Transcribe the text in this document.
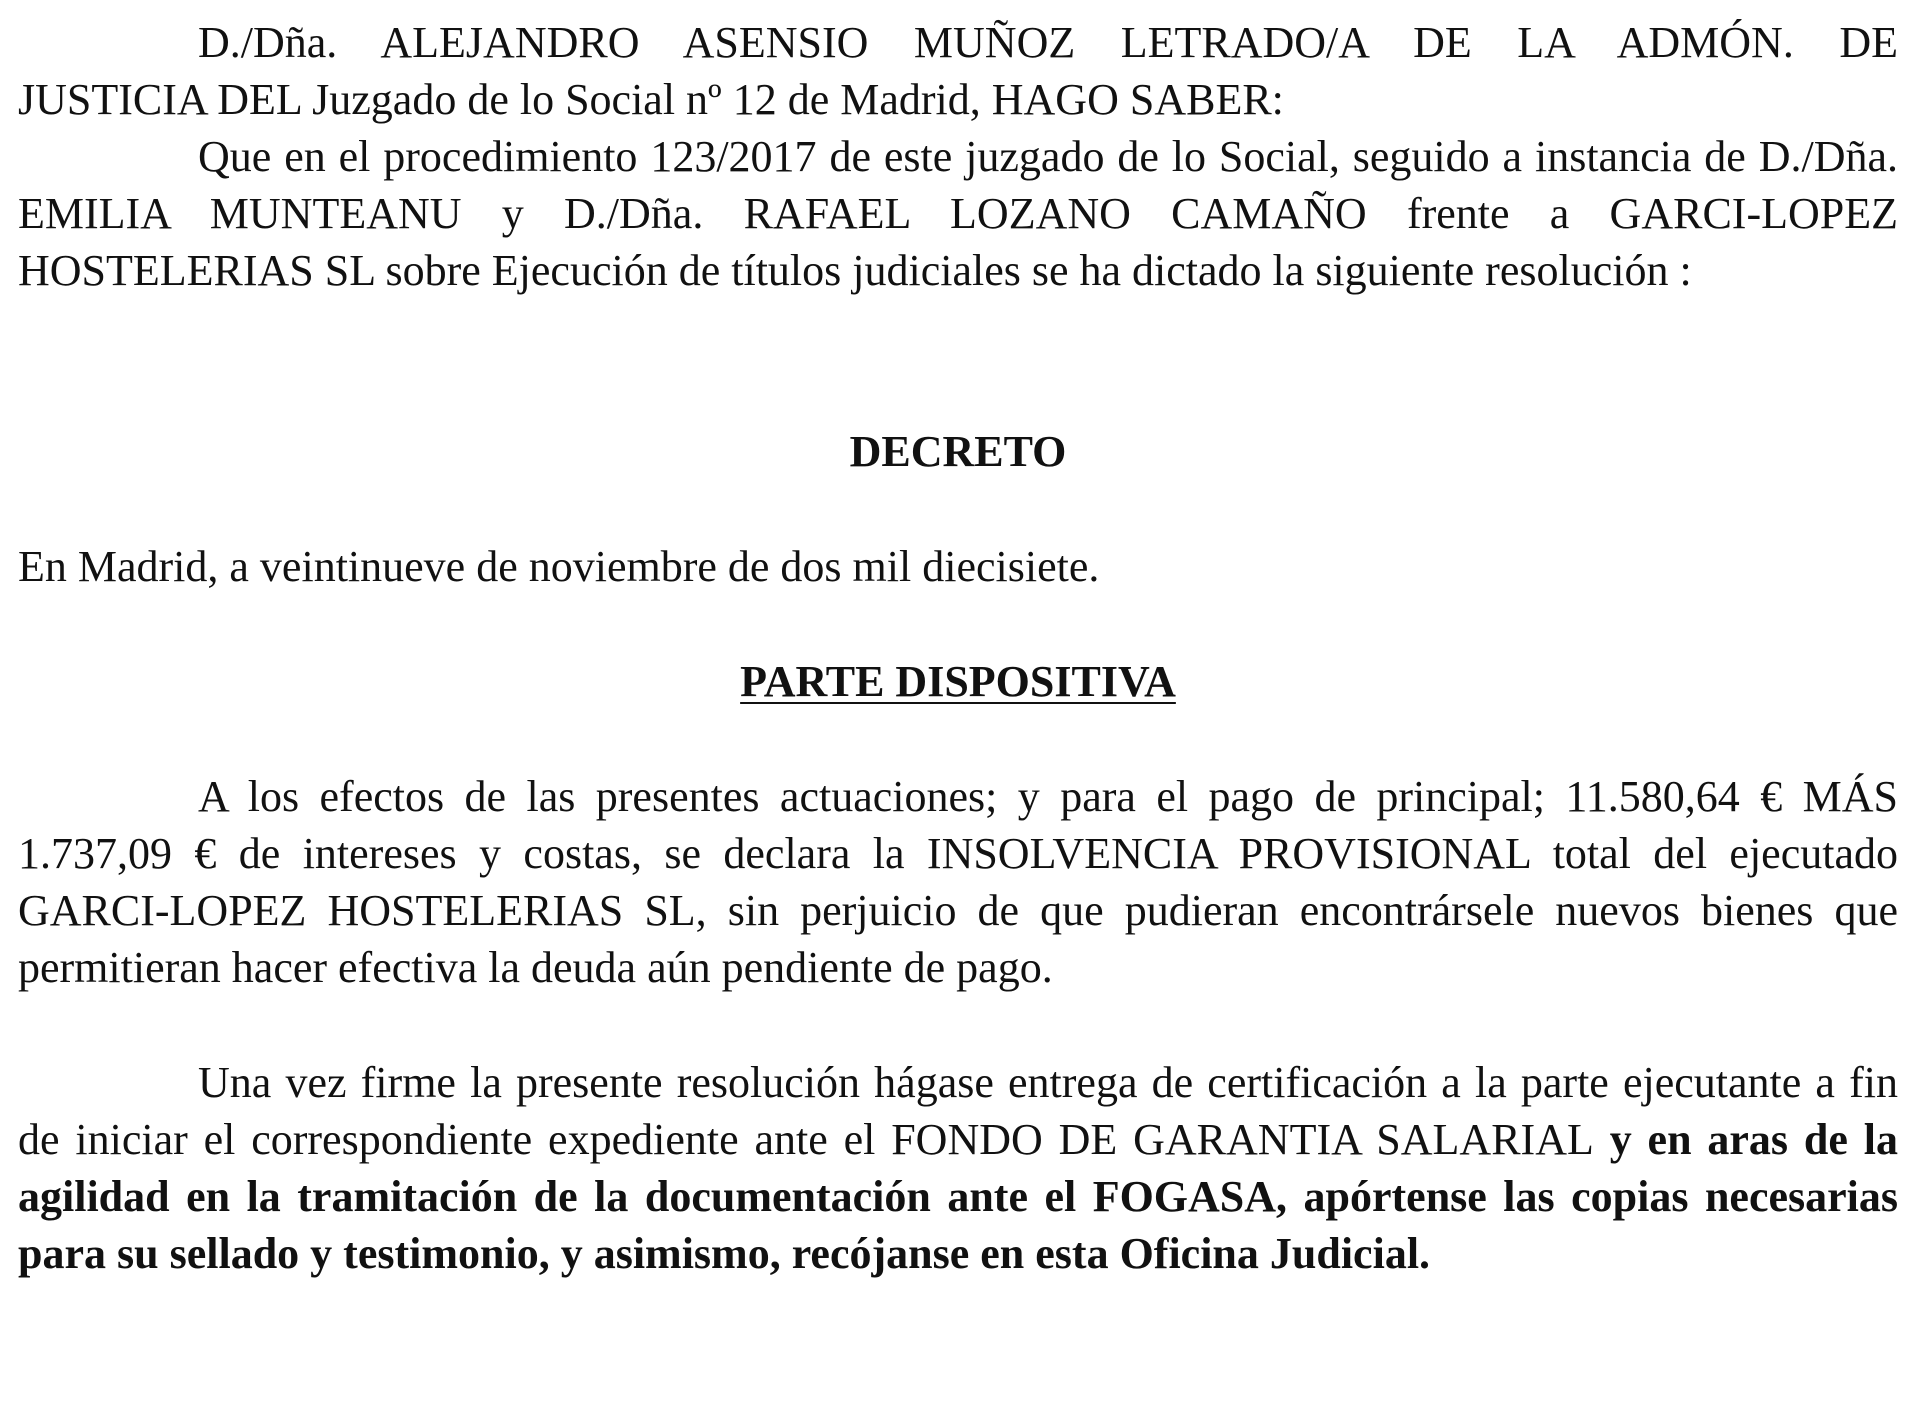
D./Dña. ALEJANDRO ASENSIO MUÑOZ LETRADO/A DE LA ADMÓN. DE

JUSTICIA DEL Juzgado de lo Social nº 12 de Madrid, HAGO SABER:

Que en el procedimiento 123/2017 de este juzgado de lo Social, seguido a instancia de D./Dña. EMILIA MUNTEANU y D./Dña. RAFAEL LOZANO CAMAÑO frente a GARCI-LOPEZ HOSTELERIAS SL sobre Ejecución de títulos judiciales se ha dictado la siguiente resolución :

DECRETO

En Madrid, a veintinueve de noviembre de dos mil diecisiete.

PARTE DISPOSITIVA

A los efectos de las presentes actuaciones; y para el pago de principal; 11.580,64 € MÁS 1.737,09 € de intereses y costas, se declara la INSOLVENCIA PROVISIONAL total del ejecutado GARCI-LOPEZ HOSTELERIAS SL, sin perjuicio de que pudieran encontrársele nuevos bienes que permitieran hacer efectiva la deuda aún pendiente de pago.

Una vez firme la presente resolución hágase entrega de certificación a la parte ejecutante a fin de iniciar el correspondiente expediente ante el FONDO DE GARANTIA SALARIAL y en aras de la agilidad en la tramitación de la documentación ante el FOGASA, apórtense las copias necesarias para su sellado y testimonio, y asimismo, recójanse en esta Oficina Judicial.
